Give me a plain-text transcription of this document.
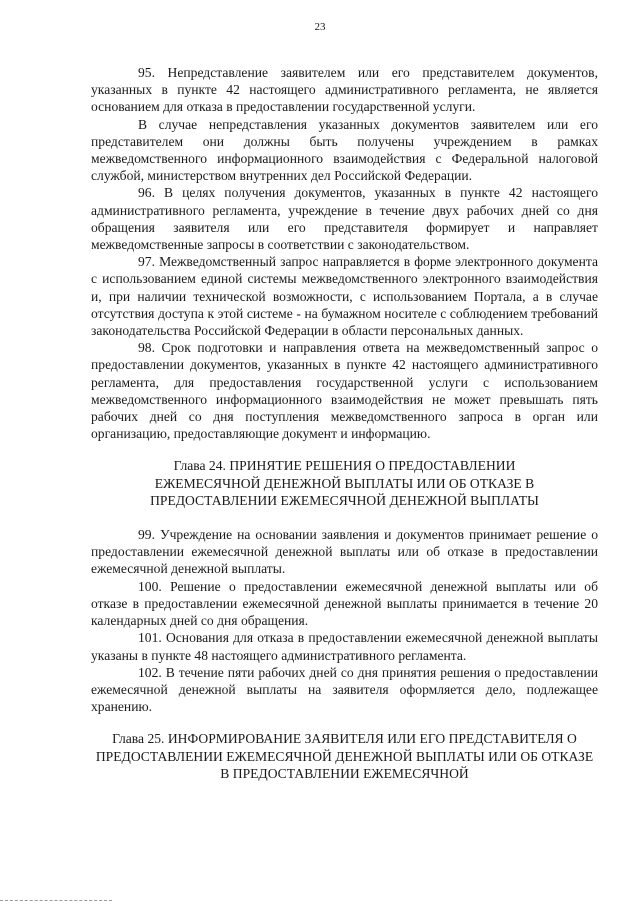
23

95. Непредставление заявителем или его представителем документов, указанных в пункте 42 настоящего административного регламента, не является основанием для отказа в предоставлении государственной услуги.

В случае непредставления указанных документов заявителем или его представителем они должны быть получены учреждением в рамках межведомственного информационного взаимодействия с Федеральной налоговой службой, министерством внутренних дел Российской Федерации.

96. В целях получения документов, указанных в пункте 42 настоящего административного регламента, учреждение в течение двух рабочих дней со дня обращения заявителя или его представителя формирует и направляет межведомственные запросы в соответствии с законодательством.

97. Межведомственный запрос направляется в форме электронного документа с использованием единой системы межведомственного электронного взаимодействия и, при наличии технической возможности, с использованием Портала, а в случае отсутствия доступа к этой системе - на бумажном носителе с соблюдением требований законодательства Российской Федерации в области персональных данных.

98. Срок подготовки и направления ответа на межведомственный запрос о предоставлении документов, указанных в пункте 42 настоящего административного регламента, для предоставления государственной услуги с использованием межведомственного информационного взаимодействия не может превышать пять рабочих дней со дня поступления межведомственного запроса в орган или организацию, предоставляющие документ и информацию.

Глава 24. ПРИНЯТИЕ РЕШЕНИЯ О ПРЕДОСТАВЛЕНИИ ЕЖЕМЕСЯЧНОЙ ДЕНЕЖНОЙ ВЫПЛАТЫ ИЛИ ОБ ОТКАЗЕ В ПРЕДОСТАВЛЕНИИ ЕЖЕМЕСЯЧНОЙ ДЕНЕЖНОЙ ВЫПЛАТЫ

99. Учреждение на основании заявления и документов принимает решение о предоставлении ежемесячной денежной выплаты или об отказе в предоставлении ежемесячной денежной выплаты.

100. Решение о предоставлении ежемесячной денежной выплаты или об отказе в предоставлении ежемесячной денежной выплаты принимается в течение 20 календарных дней со дня обращения.

101. Основания для отказа в предоставлении ежемесячной денежной выплаты указаны в пункте 48 настоящего административного регламента.

102. В течение пяти рабочих дней со дня принятия решения о предоставлении ежемесячной денежной выплаты на заявителя оформляется дело, подлежащее хранению.

Глава 25. ИНФОРМИРОВАНИЕ ЗАЯВИТЕЛЯ ИЛИ ЕГО ПРЕДСТАВИТЕЛЯ О ПРЕДОСТАВЛЕНИИ ЕЖЕМЕСЯЧНОЙ ДЕНЕЖНОЙ ВЫПЛАТЫ ИЛИ ОБ ОТКАЗЕ В ПРЕДОСТАВЛЕНИИ ЕЖЕМЕСЯЧНОЙ
